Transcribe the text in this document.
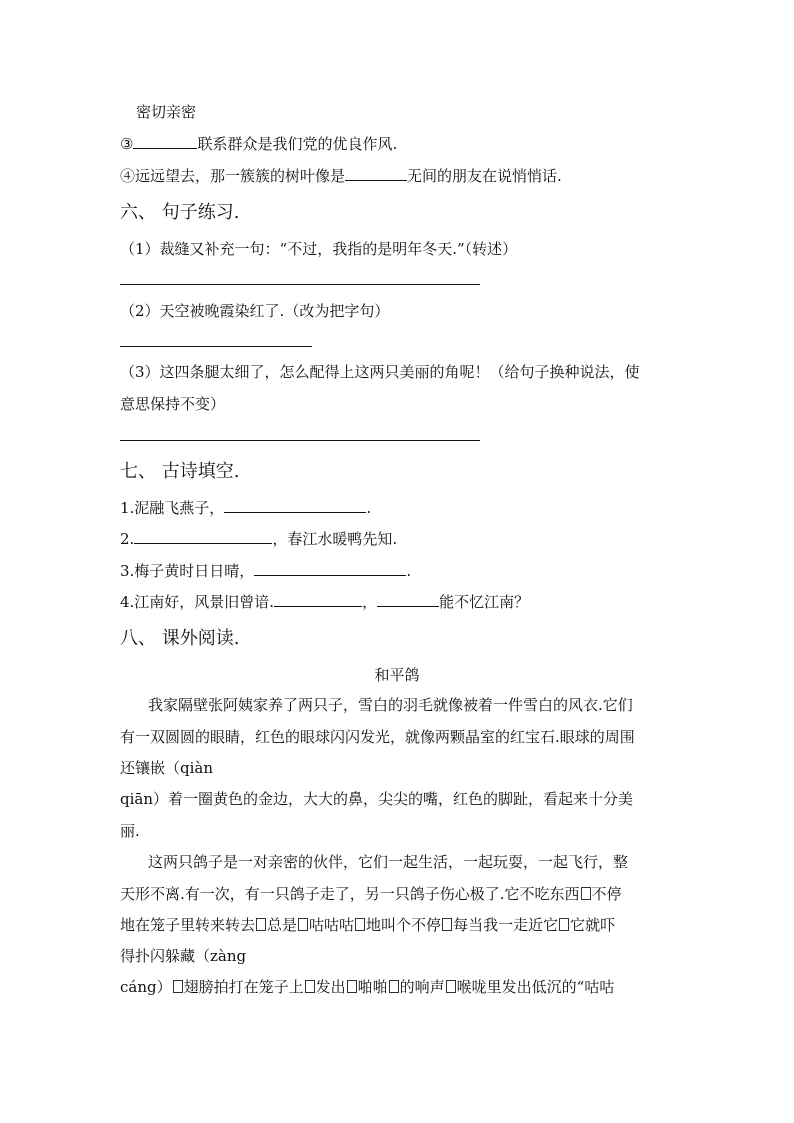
密切亲密
③	联系群众是我们党的优良作风.
④远远望去，那一簇簇的树叶像是	无间的朋友在说悄悄话.
六、 句子练习.
（1）裁缝又补充一句：“不过，我指的是明年冬天.”（转述）
（2）天空被晚霞染红了.（改为把字句）
（3）这四条腿太细了，怎么配得上这两只美丽的角呢！（给句子换种说法，使
意思保持不变）
七、 古诗填空.
1.泥融飞燕子，	.
2.	，春江水暖鸭先知.
3.梅子黄时日日晴，	.
4.江南好，风景旧曾谙.	，	能不忆江南？
八、 课外阅读.
和平鸽
我家隔壁张阿姨家养了两只子，雪白的羽毛就像被着一件雪白的风衣.它们
有一双圆圆的眼睛，红色的眼球闪闪发光，就像两颗晶室的红宝石.眼球的周围
还镶嵌（qiàn
qiān）着一圈黄色的金边，大大的鼻，尖尖的嘴，红色的脚趾，看起来十分美
丽.
这两只鸽子是一对亲密的伙伴，它们一起生活，一起玩耍，一起飞行，整
天形不离.有一次，有一只鸽子走了，另一只鸽子伤心极了.它不吃东西 不停
地在笼子里转来转去 总是 咕咕咕 地叫个不停 每当我一走近它 它就吓
得扑闪躲藏（zàng
cáng） 翅膀拍打在笼子上 发出 啪啪 的响声 喉咙里发出低沉的“咕咕
